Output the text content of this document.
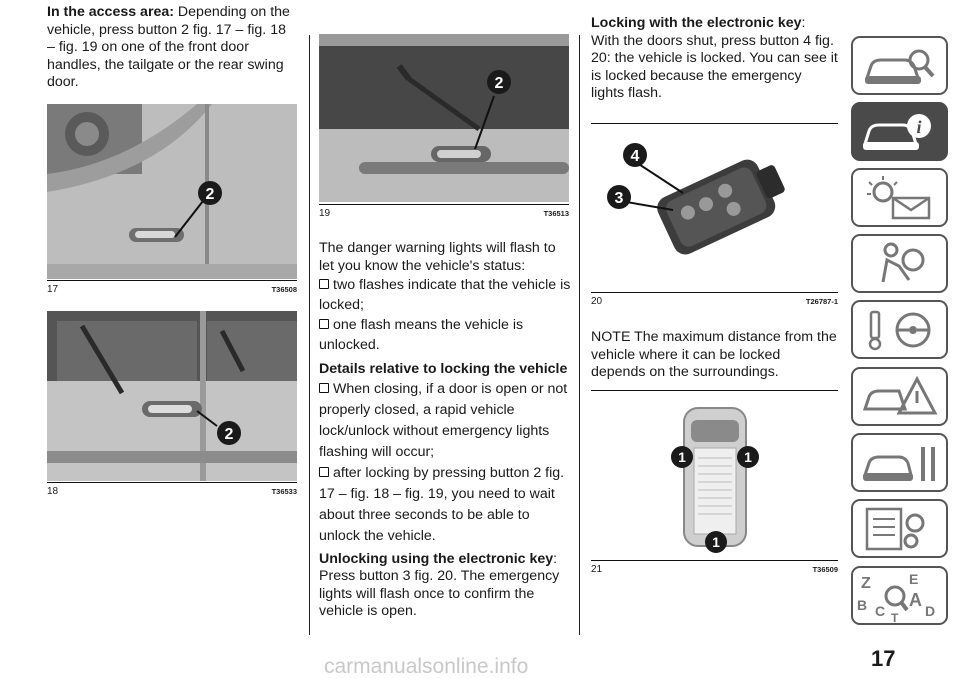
In the access area: Depending on the vehicle, press button 2 fig. 17 – fig. 18 – fig. 19 on one of the front door handles, the tailgate or the rear swing door.

2
17	T36508
2
18	T36533
2
19	T36513

The danger warning lights will flash to let you know the vehicle's status:

two flashes indicate that the vehicle is locked;

one flash means the vehicle is unlocked.

Details relative to locking the vehicle

When closing, if a door is open or not properly closed, a rapid vehicle lock/unlock without emergency lights flashing will occur;

after locking by pressing button 2 fig. 17 – fig. 18 – fig. 19, you need to wait about three seconds to be able to unlock the vehicle.

Unlocking using the electronic key: Press button 3 fig. 20. The emergency lights will flash once to confirm the vehicle is open.

Locking with the electronic key:
With the doors shut, press button 4 fig. 20: the vehicle is locked. You can see it is locked because the emergency lights flash.

4
3
20	T26787-1

NOTE The maximum distance from the vehicle where it can be locked depends on the surroundings.

1	1
1
21	T36509
i
Z	E
B A
C	D
T
carmanualsonline.info	17
